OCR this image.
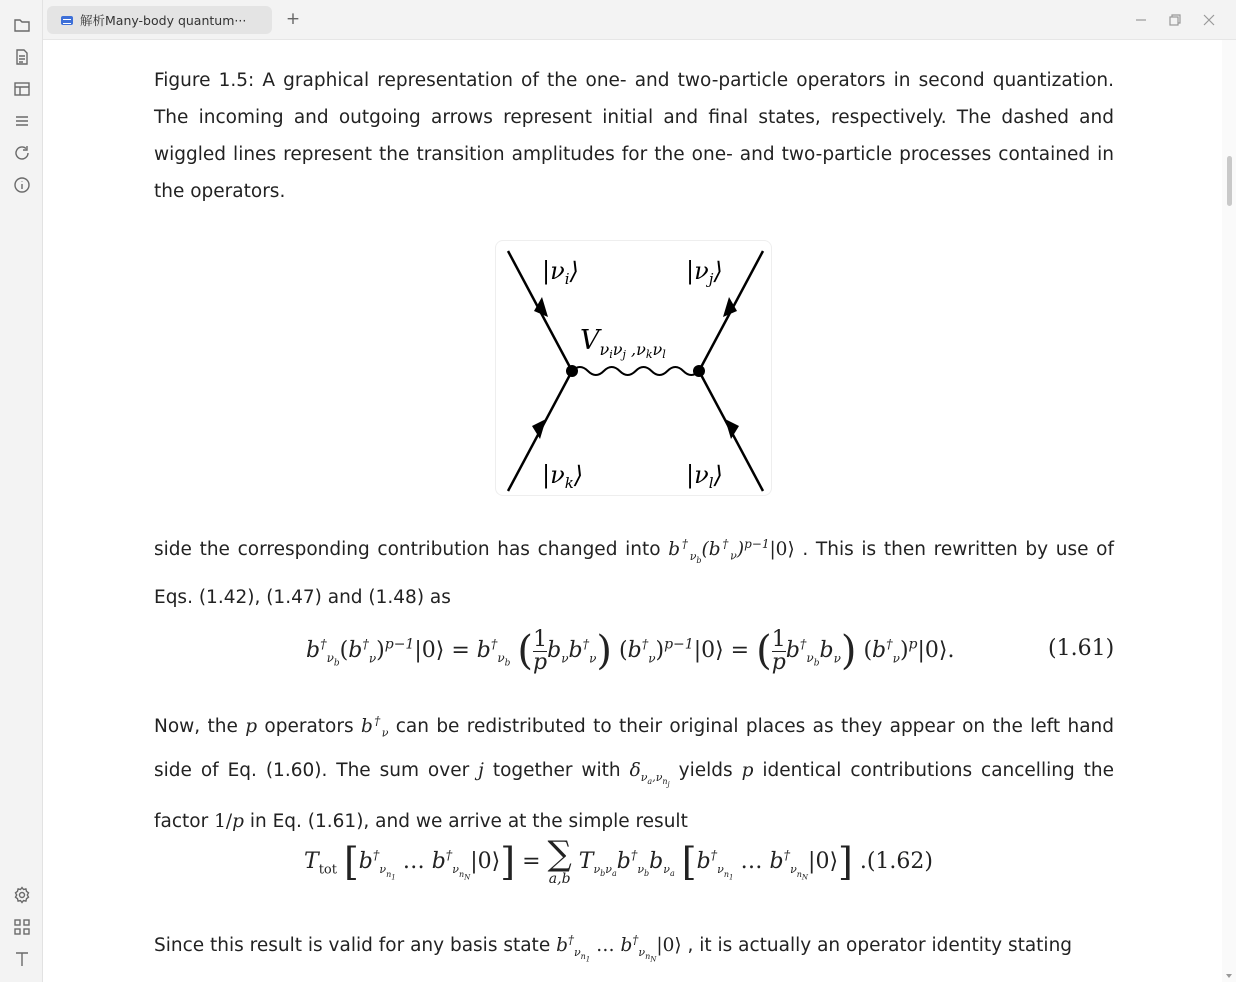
解析Many-body quantum··· +

Figure 1.5: A graphical representation of the one- and two-particle operators in second quantization. The incoming and outgoing arrows represent initial and final states, respectively. The dashed and wiggled lines represent the transition amplitudes for the one- and two-particle processes contained in the operators.

$|\nu_i⟩$	$|\nu_j⟩$
$|\nu_k⟩$	$|\nu_l⟩$
$V_{\nu i\nu j ,\nu k\nu l}$

side the corresponding contribution has changed into $b^\dagger_{\nu_b}(b^\dagger_\nu)^{p-1}|0⟩$ . This is then rewritten by use of Eqs. (1.42), (1.47) and (1.48) as

$b^\dagger_{\nu_b}(b^\dagger_\nu)^{p-1}|0⟩ = b^\dagger_{\nu_b}$ ( $\frac{1}{p} b_\nu b^\dagger_\nu$) $(b^\dagger_\nu)^{p-1}|0⟩$ = ( $\frac{1}{p} b^\dagger_{\nu_b}b_\nu$) $(b^\dagger_\nu)^p|0⟩$.	(1.61)

Now, the p operators $b^\dagger_\nu$ can be redistributed to their original places as they appear on the left hand side of Eq. (1.60). The sum over j together with $\delta_{\nu_a,\nu_{n_j}}$ yields p identical contributions cancelling the factor 1/p in Eq. (1.61), and we arrive at the simple result

$T_{tot}$ [$b^\dagger_{\nu_{n_1}}$ … $b^\dagger_{\nu_{n_N}}|0⟩$] = ∑
a,b
$T_{\nu_b\nu_a}b^\dagger_{\nu_b}b_{\nu_a}$ [$b^\dagger_{\nu_{n_1}}$ … $b^\dagger_{\nu_{n_N}}|0⟩$] .(1.62)

Since this result is valid for any basis state $b^\dagger_{\nu_{n_1}}$ … $b^\dagger_{\nu_{n_N}}|0⟩$ , it is actually an operator identity stating
